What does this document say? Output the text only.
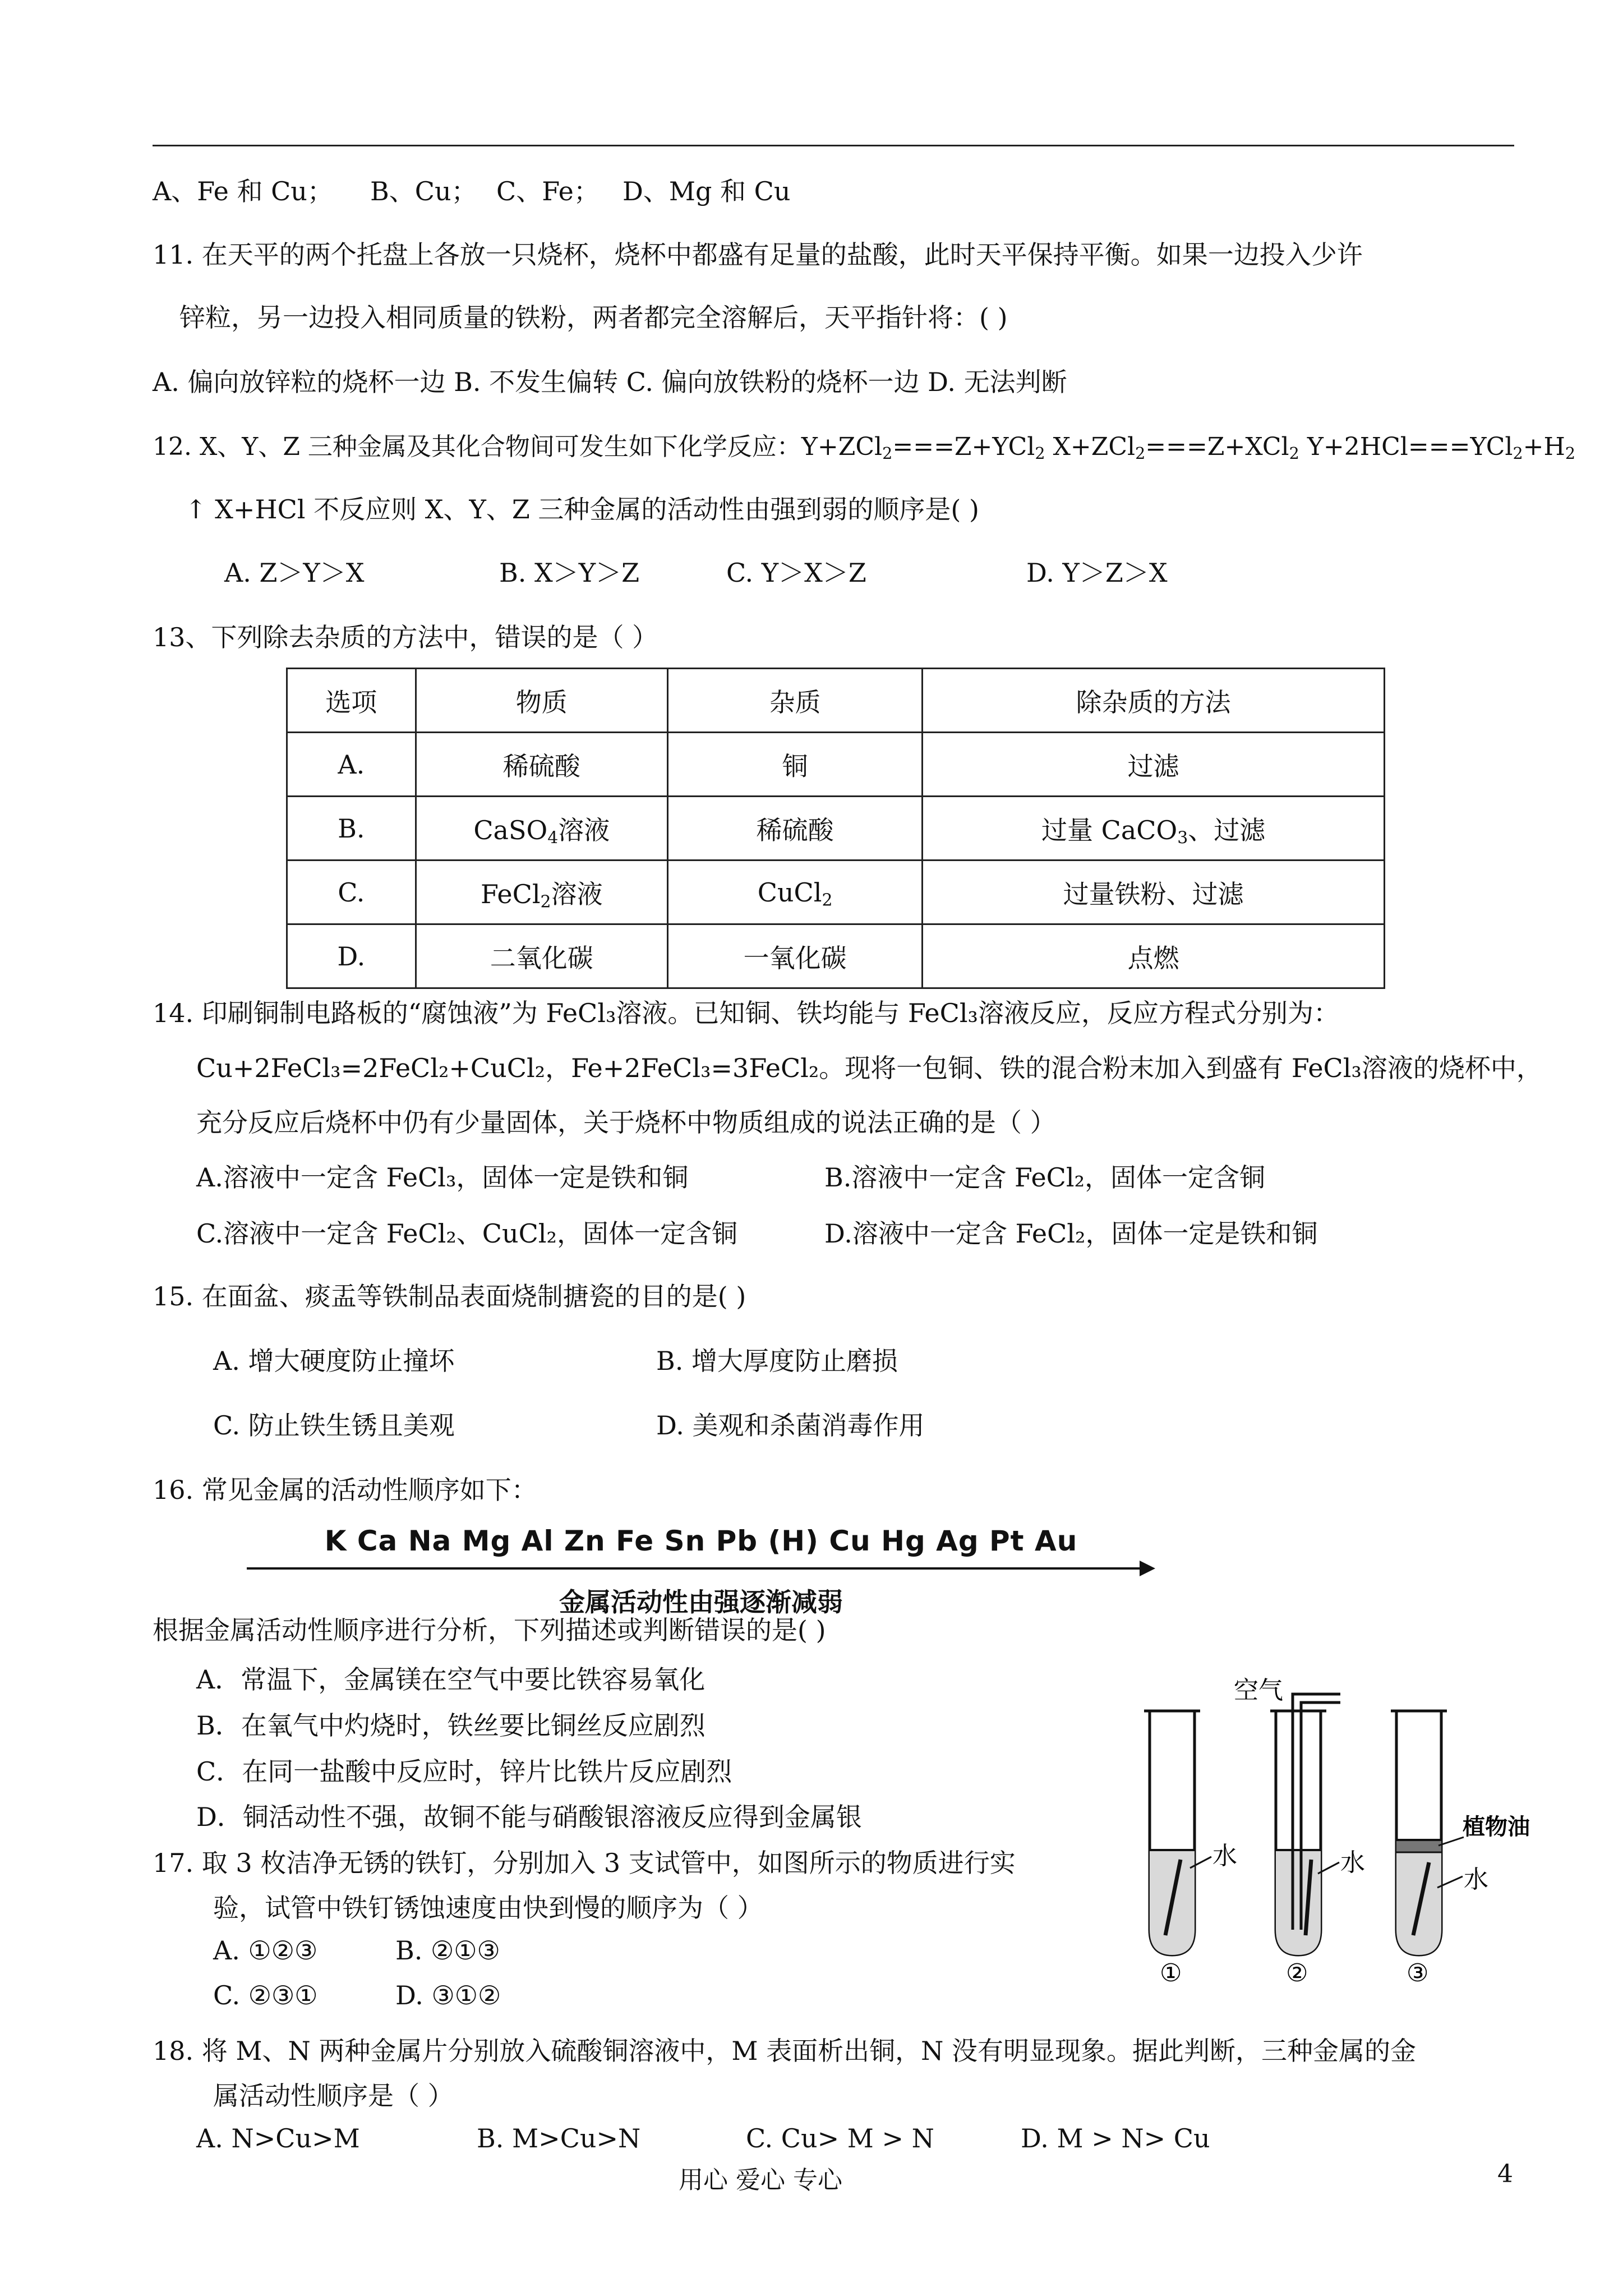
A、Fe 和 Cu； B、Cu； C、Fe； D、Mg 和 Cu
11. 在天平的两个托盘上各放一只烧杯，烧杯中都盛有足量的盐酸，此时天平保持平衡。如果一边投入少许
锌粒，另一边投入相同质量的铁粉，两者都完全溶解后，天平指针将：( )
A. 偏向放锌粒的烧杯一边 B. 不发生偏转 C. 偏向放铁粉的烧杯一边 D. 无法判断
12. X、Y、Z 三种金属及其化合物间可发生如下化学反应：Y+ZCl$_2$===Z+YCl$_2$ X+ZCl$_2$===Z+XCl$_2$ $Y+2HCl===YCl_2+H_2$
↑ X+HCl 不反应则 X、Y、Z 三种金属的活动性由强到弱的顺序是( )
A. Z＞Y＞X	B. X＞Y＞Z	C. Y＞X＞Z	D. Y＞Z＞X
13、下列除去杂质的方法中，错误的是（ ）
选项	物质	杂质	除杂质的方法
A.	稀硫酸	铜	过滤
B.	CaSO$_4$溶液	稀硫酸	过量 CaCO$_3$、过滤
C.	FeCl$_2$溶液	CuCl$_2$	过量铁粉、过滤
D.	二氧化碳	一氧化碳	点燃
14. 印刷铜制电路板的“腐蚀液”为 FeCl₃溶液。已知铜、铁均能与 FeCl₃溶液反应，反应方程式分别为：
Cu+2FeCl₃=2FeCl₂+CuCl₂，Fe+2FeCl₃=3FeCl₂。现将一包铜、铁的混合粉末加入到盛有 FeCl₃溶液的烧杯中，
充分反应后烧杯中仍有少量固体，关于烧杯中物质组成的说法正确的是（ ）
A.溶液中一定含 FeCl₃，固体一定是铁和铜	B.溶液中一定含 FeCl₂，固体一定含铜
C.溶液中一定含 FeCl₂、CuCl₂，固体一定含铜	D.溶液中一定含 FeCl₂，固体一定是铁和铜
15. 在面盆、痰盂等铁制品表面烧制搪瓷的目的是( )
A. 增大硬度防止撞坏	B. 增大厚度防止磨损
C. 防止铁生锈且美观	D. 美观和杀菌消毒作用
16. 常见金属的活动性顺序如下：
K Ca Na Mg Al Zn Fe Sn Pb (H) Cu Hg Ag Pt Au
金属活动性由强逐渐减弱
根据金属活动性顺序进行分析，下列描述或判断错误的是( )
A．常温下，金属镁在空气中要比铁容易氧化
B．在氧气中灼烧时，铁丝要比铜丝反应剧烈
C．在同一盐酸中反应时，锌片比铁片反应剧烈
D．铜活动性不强，故铜不能与硝酸银溶液反应得到金属银
17. 取 3 枚洁净无锈的铁钉，分别加入 3 支试管中，如图所示的物质进行实
验，试管中铁钉锈蚀速度由快到慢的顺序为（ ）
A. ①②③	B. ②①③
C. ②③①	D. ③①②
水
①
空气
水
②
植物油
水
③
18. 将 M、N 两种金属片分别放入硫酸铜溶液中，M 表面析出铜，N 没有明显现象。据此判断，三种金属的金
属活动性顺序是（ ）
A. N>Cu>M	B. M>Cu>N	C. Cu> M > N	D. M > N> Cu
用心 爱心 专心	4
